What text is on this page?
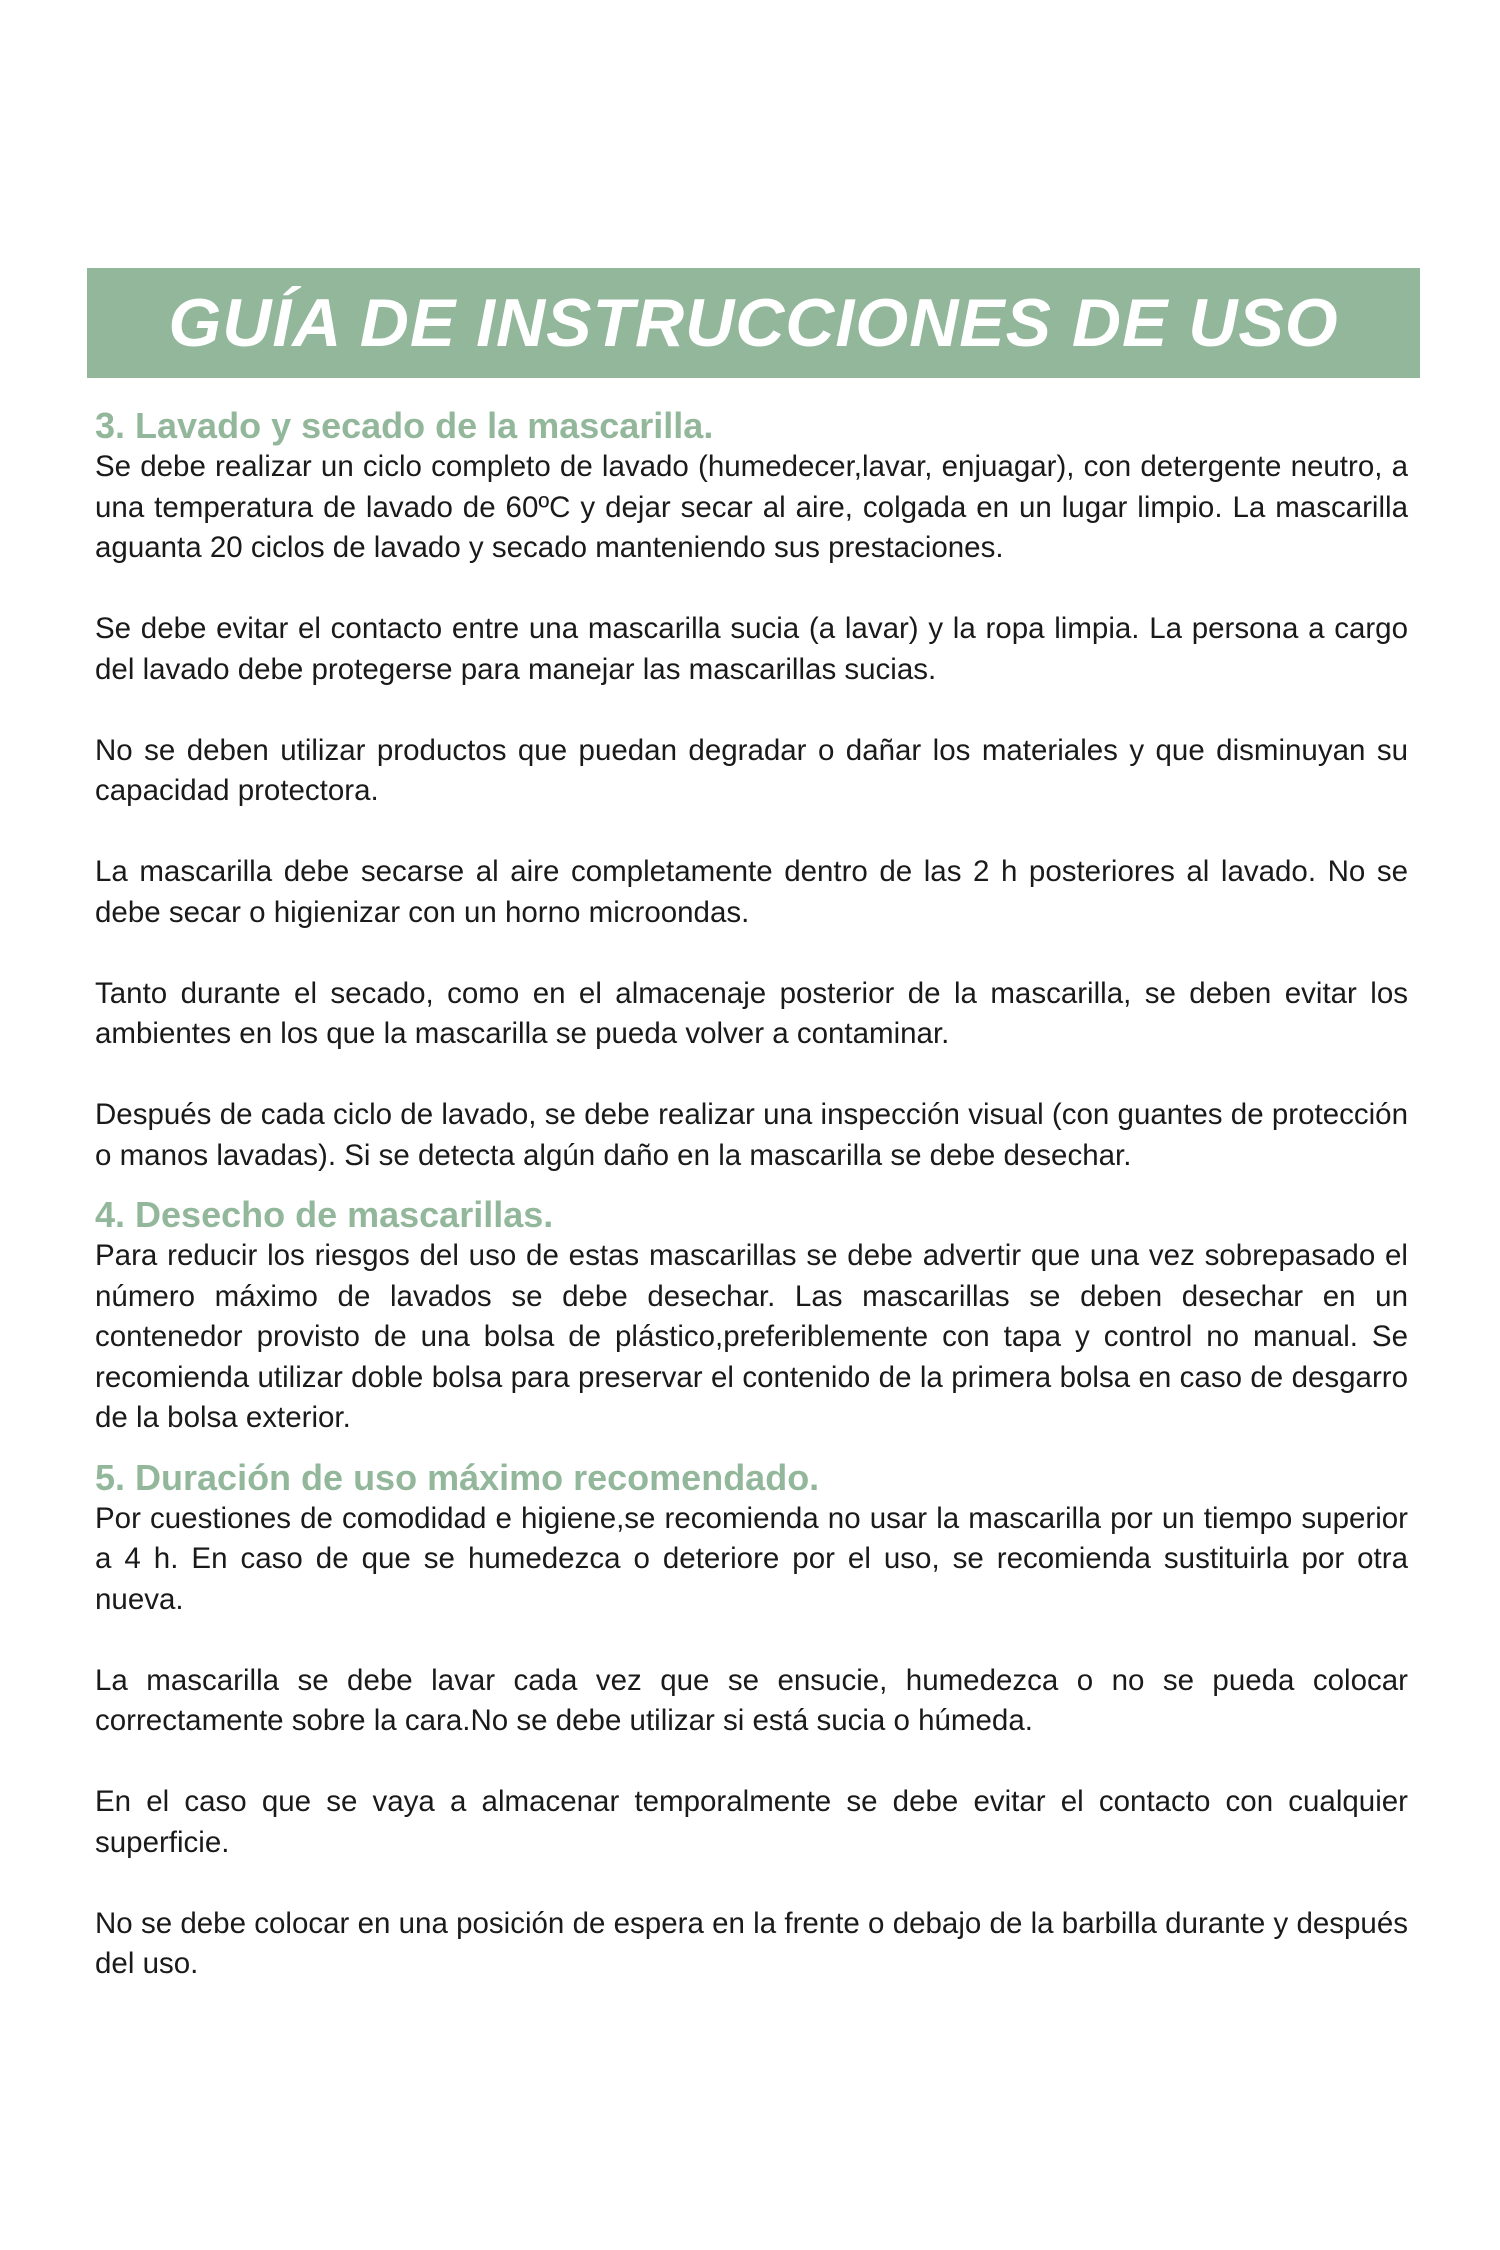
GUÍA DE INSTRUCCIONES DE USO
3. Lavado y secado de la mascarilla.

Se debe realizar un ciclo completo de lavado (humedecer,lavar, enjuagar), con detergente neutro, a una temperatura de lavado de 60ºC y dejar secar al aire, colgada en un lugar limpio. La mascarilla aguanta 20 ciclos de lavado y secado manteniendo sus prestaciones.

Se debe evitar el contacto entre una mascarilla sucia (a lavar) y la ropa limpia. La persona a cargo del lavado debe protegerse para manejar las mascarillas sucias.

No se deben utilizar productos que puedan degradar o dañar los materiales y que disminuyan su capacidad protectora.

La mascarilla debe secarse al aire completamente dentro de las 2 h posteriores al lavado. No se debe secar o higienizar con un horno microondas.

Tanto durante el secado, como en el almacenaje posterior de la mascarilla, se deben evitar los ambientes en los que la mascarilla se pueda volver a contaminar.

Después de cada ciclo de lavado, se debe realizar una inspección visual (con guantes de protección o manos lavadas). Si se detecta algún daño en la mascarilla se debe desechar.

4. Desecho de mascarillas.

Para reducir los riesgos del uso de estas mascarillas se debe advertir que una vez sobrepasado el número máximo de lavados se debe desechar. Las mascarillas se deben desechar en un contenedor provisto de una bolsa de plástico,preferiblemente con tapa y control no manual. Se recomienda utilizar doble bolsa para preservar el contenido de la primera bolsa en caso de desgarro de la bolsa exterior.

5. Duración de uso máximo recomendado.

Por cuestiones de comodidad e higiene,se recomienda no usar la mascarilla por un tiempo superior a 4 h. En caso de que se humedezca o deteriore por el uso, se recomienda sustituirla por otra nueva.

La mascarilla se debe lavar cada vez que se ensucie, humedezca o no se pueda colocar correctamente sobre la cara.No se debe utilizar si está sucia o húmeda.

En el caso que se vaya a almacenar temporalmente se debe evitar el contacto con cualquier superficie.

No se debe colocar en una posición de espera en la frente o debajo de la barbilla durante y después del uso.
